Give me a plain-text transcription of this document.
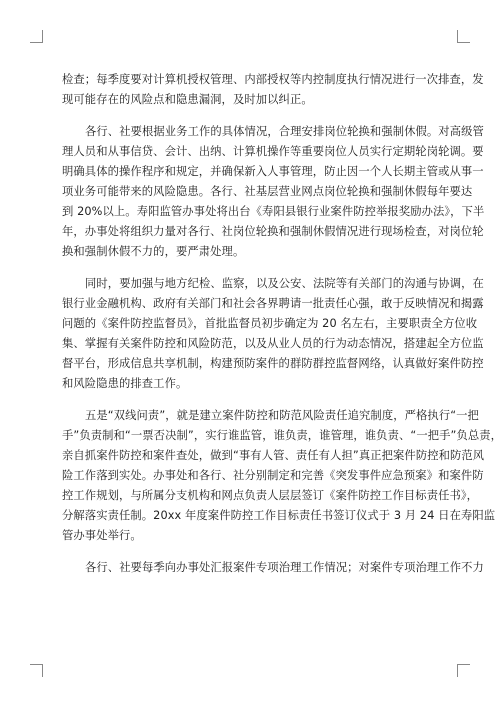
检查；每季度要对计算机授权管理、内部授权等内控制度执行情况进行一次排查，发
现可能存在的风险点和隐患漏洞，及时加以纠正。
各行、社要根据业务工作的具体情况，合理安排岗位轮换和强制休假。对高级管
理人员和从事信贷、会计、出纳、计算机操作等重要岗位人员实行定期轮岗轮调。要
明确具体的操作程序和规定，并确保新入人事管理，防止因一个人长期主管或从事一
项业务可能带来的风险隐患。各行、社基层营业网点岗位轮换和强制休假每年要达
到 20%以上。寿阳监管办事处将出台《寿阳县银行业案件防控举报奖励办法》，下半
年，办事处将组织力量对各行、社岗位轮换和强制休假情况进行现场检查，对岗位轮
换和强制休假不力的，要严肃处理。
同时，要加强与地方纪检、监察，以及公安、法院等有关部门的沟通与协调，在
银行业金融机构、政府有关部门和社会各界聘请一批责任心强，敢于反映情况和揭露
问题的《案件防控监督员》，首批监督员初步确定为 20 名左右，主要职责全方位收
集、掌握有关案件防控和风险防范，以及从业人员的行为动态情况，搭建起全方位监
督平台，形成信息共享机制，构建预防案件的群防群控监督网络，认真做好案件防控
和风险隐患的排查工作。
五是“双线问责”，就是建立案件防控和防范风险责任追究制度，严格执行“一把
手”负责制和“一票否决制”，实行谁监管，谁负责，谁管理，谁负责、“一把手”负总责，
亲自抓案件防控和案件查处，做到“事有人管、责任有人担”真正把案件防控和防范风
险工作落到实处。办事处和各行、社分别制定和完善《突发事件应急预案》和案件防
控工作规划，与所属分支机构和网点负责人层层签订《案件防控工作目标责任书》，
分解落实责任制。20xx 年度案件防控工作目标责任书签订仪式于 3 月 24 日在寿阳监
管办事处举行。
各行、社要每季向办事处汇报案件专项治理工作情况；对案件专项治理工作不力
